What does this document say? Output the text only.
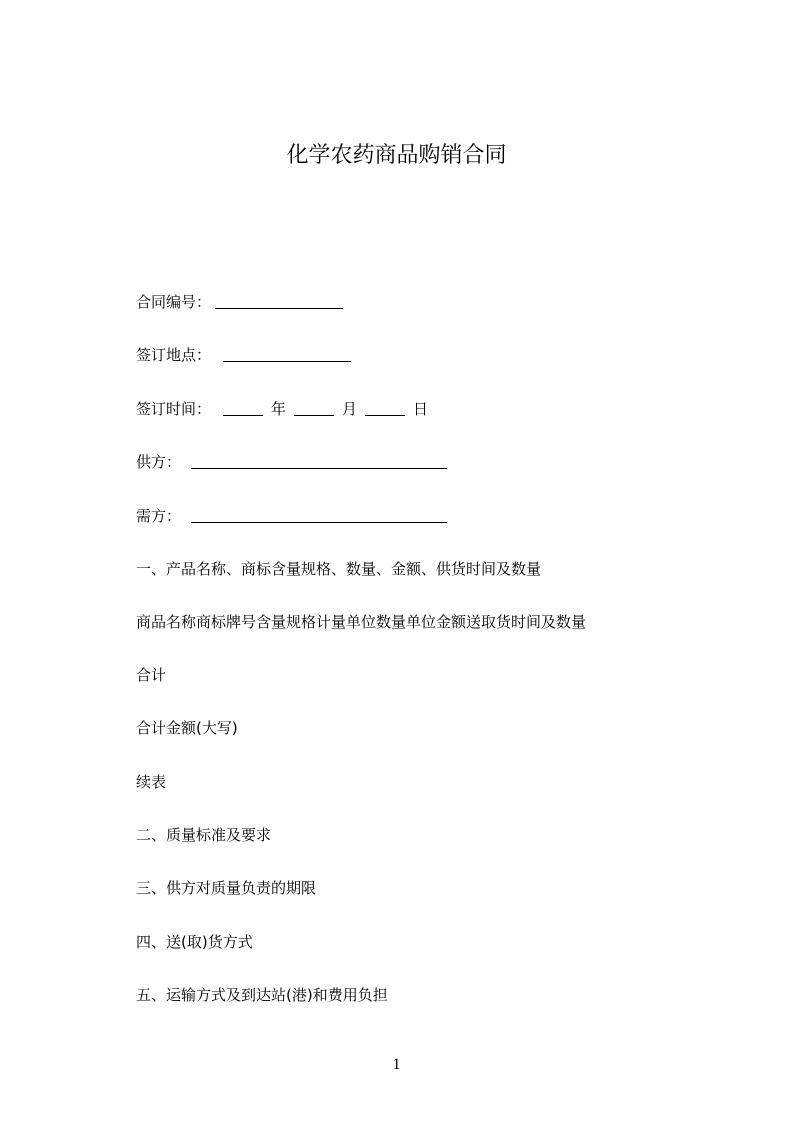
化学农药商品购销合同
合同编号：
签订地点：
签订时间：	年	月	日
供方：
需方：
一、产品名称、商标含量规格、数量、金额、供货时间及数量
商品名称商标牌号含量规格计量单位数量单位金额送取货时间及数量
合计
合计金额(大写)
续表
二、质量标准及要求
三、供方对质量负责的期限
四、送(取)货方式
五、运输方式及到达站(港)和费用负担
1
